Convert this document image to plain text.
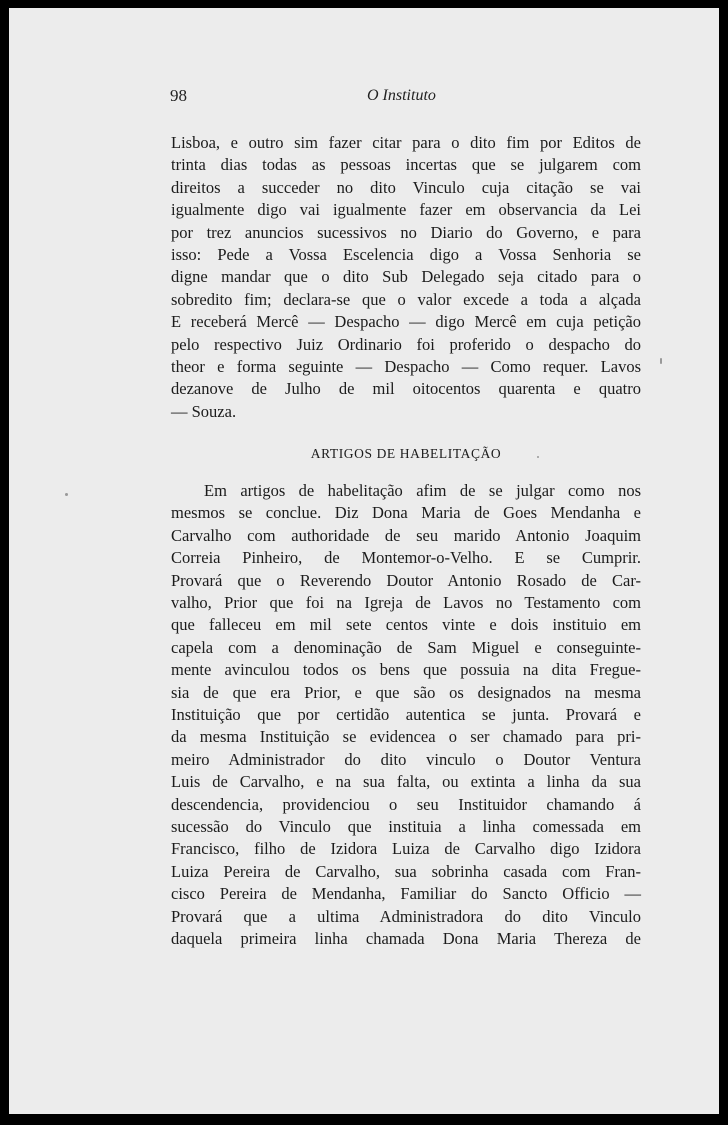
98	O Instituto
Lisboa, e outro sim fazer citar para o dito fim por Editos de
trinta dias todas as pessoas incertas que se julgarem com
direitos a succeder no dito Vinculo cuja citação se vai
igualmente digo vai igualmente fazer em observancia da Lei
por trez anuncios sucessivos no Diario do Governo, e para
isso: Pede a Vossa Escelencia digo a Vossa Senhoria se
digne mandar que o dito Sub Delegado seja citado para o
sobredito fim; declara-se que o valor excede a toda a alçada
E receberá Mercê — Despacho — digo Mercê em cuja petição
pelo respectivo Juiz Ordinario foi proferido o despacho do
theor e forma seguinte — Despacho — Como requer. Lavos
dezanove de Julho de mil oitocentos quarenta e quatro
— Souza.
ARTIGOS DE HABELITAÇÃO
Em artigos de habelitação afim de se julgar como nos
mesmos se conclue. Diz Dona Maria de Goes Mendanha e
Carvalho com authoridade de seu marido Antonio Joaquim
Correia Pinheiro, de Montemor-o-Velho. E se Cumprir.
Provará que o Reverendo Doutor Antonio Rosado de Car-
valho, Prior que foi na Igreja de Lavos no Testamento com
que falleceu em mil sete centos vinte e dois instituio em
capela com a denominação de Sam Miguel e conseguinte-
mente avinculou todos os bens que possuia na dita Fregue-
sia de que era Prior, e que são os designados na mesma
Instituição que por certidão autentica se junta. Provará e
da mesma Instituição se evidencea o ser chamado para pri-
meiro Administrador do dito vinculo o Doutor Ventura
Luis de Carvalho, e na sua falta, ou extinta a linha da sua
descendencia, providenciou o seu Instituidor chamando á
sucessão do Vinculo que instituia a linha comessada em
Francisco, filho de Izidora Luiza de Carvalho digo Izidora
Luiza Pereira de Carvalho, sua sobrinha casada com Fran-
cisco Pereira de Mendanha, Familiar do Sancto Officio —
Provará que a ultima Administradora do dito Vinculo
daquela primeira linha chamada Dona Maria Thereza de
